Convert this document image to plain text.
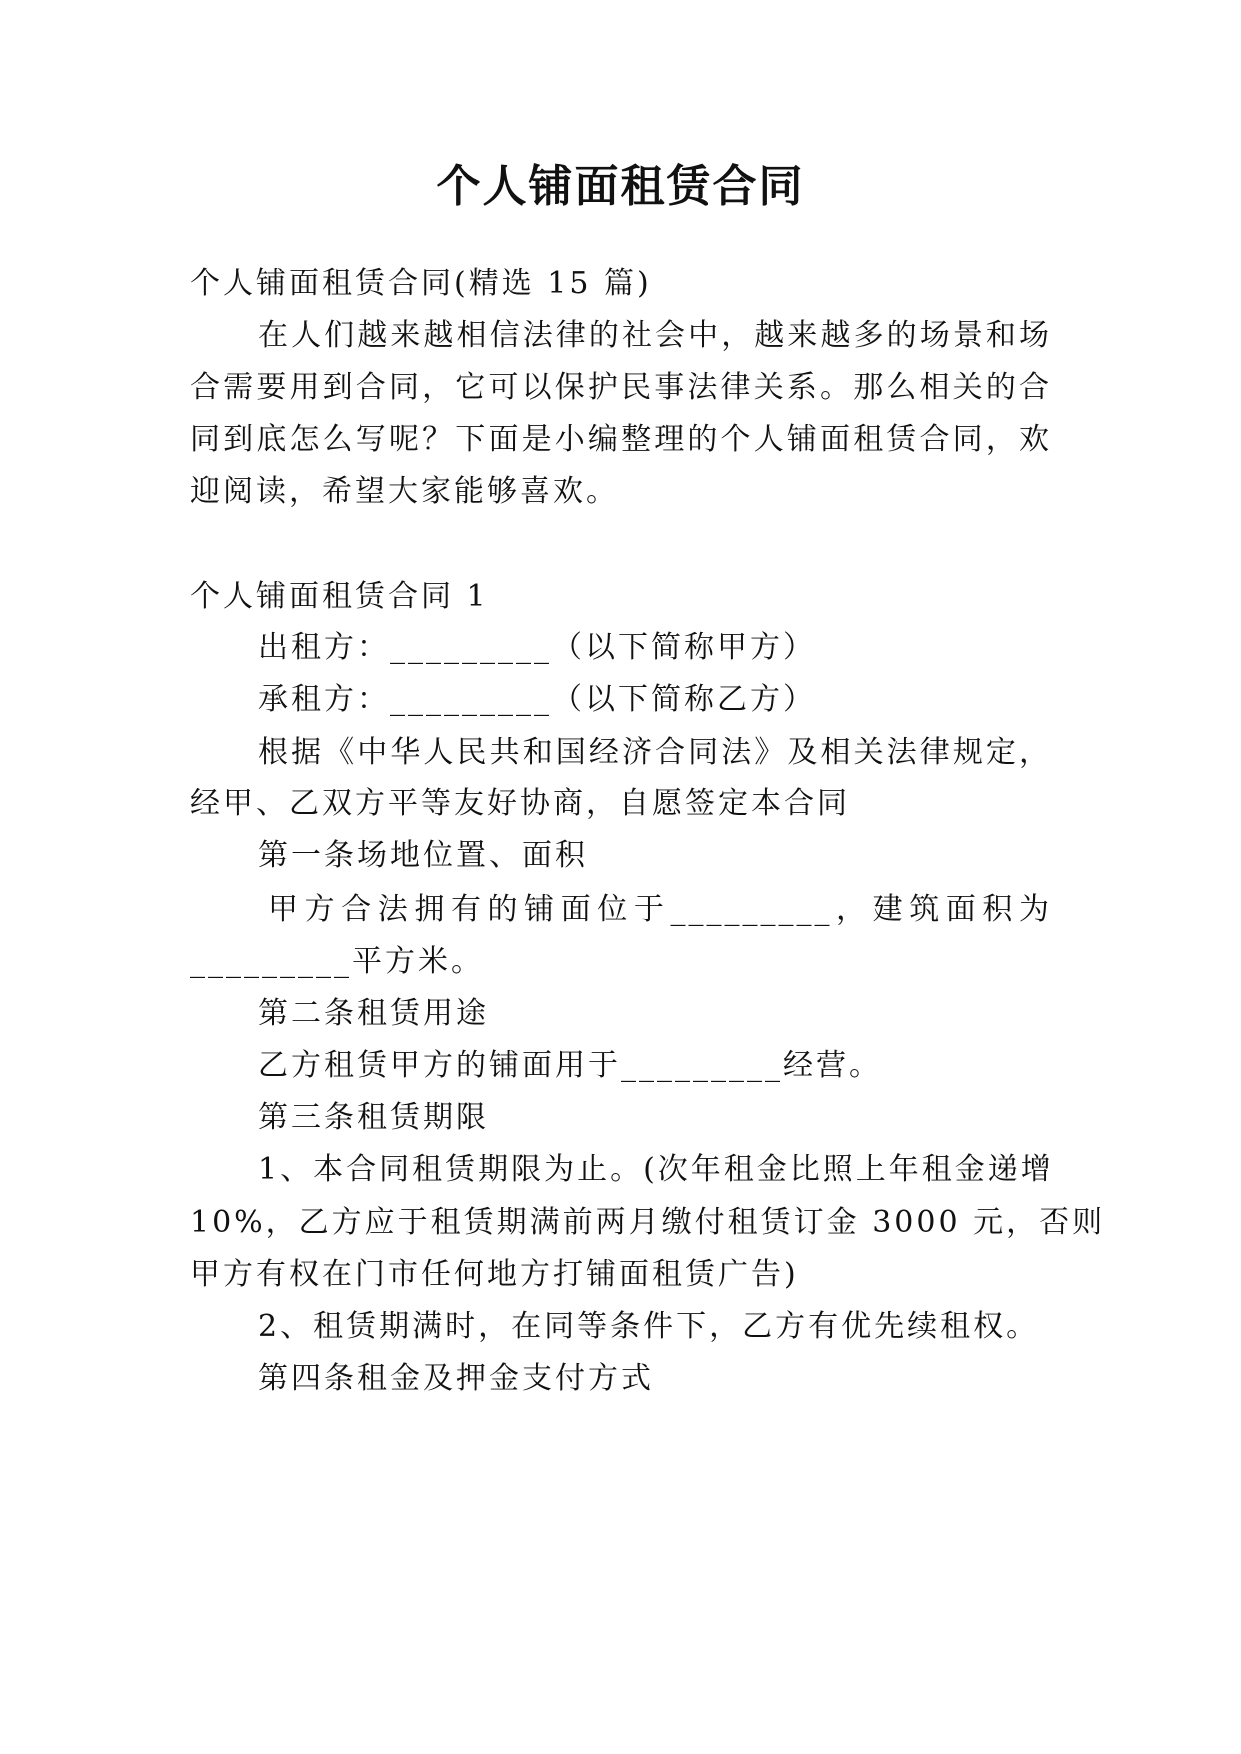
个人铺面租赁合同
个人铺面租赁合同(精选 15 篇)
在人们越来越相信法律的社会中，越来越多的场景和场
合需要用到合同，它可以保护民事法律关系。那么相关的合
同到底怎么写呢？下面是小编整理的个人铺面租赁合同，欢
迎阅读，希望大家能够喜欢。
个人铺面租赁合同 1
出租方：_________（以下简称甲方）
承租方：_________（以下简称乙方）
根据《中华人民共和国经济合同法》及相关法律规定，
经甲、乙双方平等友好协商，自愿签定本合同
第一条场地位置、面积
甲方合法拥有的铺面位于_________，建筑面积为
_________平方米。
第二条租赁用途
乙方租赁甲方的铺面用于_________经营。
第三条租赁期限
1、本合同租赁期限为止。(次年租金比照上年租金递增
10%，乙方应于租赁期满前两月缴付租赁订金 3000 元，否则
甲方有权在门市任何地方打铺面租赁广告)
2、租赁期满时，在同等条件下，乙方有优先续租权。
第四条租金及押金支付方式
